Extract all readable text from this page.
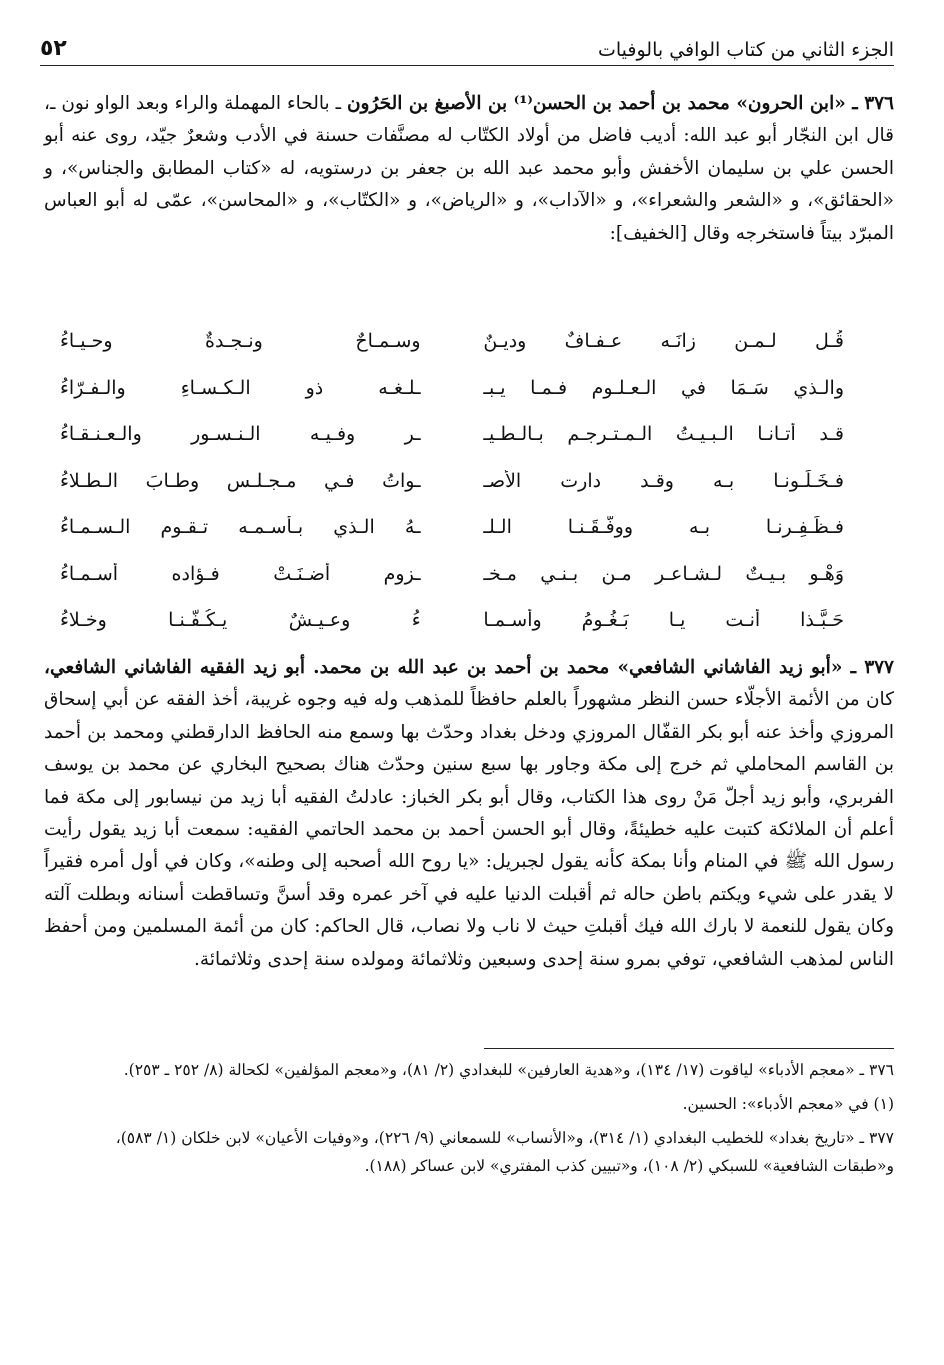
الجزء الثاني من كتاب الوافي بالوفيات
٥٢
٣٧٦ ـ «ابن الحرون» محمد بن أحمد بن الحسن⁽¹⁾ بن الأصبغ بن الحَرُون ـ بالحاء المهملة والراء وبعد الواو نون ـ، قال ابن النجّار أبو عبد الله: أديب فاضل من أولاد الكتّاب له مصنَّفات حسنة في الأدب وشعرٌ جيّد، روى عنه أبو الحسن علي بن سليمان الأخفش وأبو محمد عبد الله بن جعفر بن درستويه، له «كتاب المطابق والجناس»، و «الحقائق»، و «الشعر والشعراء»، و «الآداب»، و «الرياض»، و «الكتّاب»، و «المحاسن»، عمّى له أبو العباس المبرّد بيتاً فاستخرجه وقال [الخفيف]:
قُـل لـمـن زانَـه عـفـافٌ وديـنٌ
وسـمـاحٌ ونـجـدةٌ وحـيـاءُ
والـذي سَـمَا في الـعـلـوم فـمـا يـبـ
ـلـغـه ذو الـكـسـاءِ والـفـرّاءُ
قـد أتـانـا الـبـيـتُ الـمـتـرجـم بـالـطـيـ
ـر وفـيـه الـنـسـور والـعـنـقـاءُ
فـخَـلَـونـا بـه وقـد دارت الأصـ
ـواتُ فـي مـجـلـس وطـابَ الـطـلاءُ
فـظَـفِـرنـا بـه ووفَّـقَـنـا الـلـ
ـهُ الـذي بـأسـمـه تـقـوم الـسـمـاءُ
وَهْـو بـيـتٌ لـشـاعـرٍ مـن بـنـي مـخـ
ـزوم أضـنَـتْ فـؤاده أسـمـاءُ
حَـبَّـذا أنـت يـا بَـغُـومُ وأسـمـا
ءُ وعـيـشٌ يـكُـفّـنـا وخـلاءُ
٣٧٧ ـ «أبو زيد الفاشاني الشافعي» محمد بن أحمد بن عبد الله بن محمد. أبو زيد الفقيه الفاشاني الشافعي، كان من الأئمة الأجلّاء حسن النظر مشهوراً بالعلم حافظاً للمذهب وله فيه وجوه غريبة، أخذ الفقه عن أبي إسحاق المروزي وأخذ عنه أبو بكر القفّال المروزي ودخل بغداد وحدّث بها وسمع منه الحافظ الدارقطني ومحمد بن أحمد بن القاسم المحاملي ثم خرج إلى مكة وجاور بها سبع سنين وحدّث هناك بصحيح البخاري عن محمد بن يوسف الفربري، وأبو زيد أجلّ مَنْ روى هذا الكتاب، وقال أبو بكر الخباز: عادلتُ الفقيه أبا زيد من نيسابور إلى مكة فما أعلم أن الملائكة كتبت عليه خطيئةً، وقال أبو الحسن أحمد بن محمد الحاتمي الفقيه: سمعت أبا زيد يقول رأيت رسول الله ﷺ في المنام وأنا بمكة كأنه يقول لجبريل: «يا روح الله أصحبه إلى وطنه»، وكان في أول أمره فقيراً لا يقدر على شيء ويكتم باطن حاله ثم أقبلت الدنيا عليه في آخر عمره وقد أسنَّ وتساقطت أسنانه وبطلت آلته وكان يقول للنعمة لا بارك الله فيك أقبلتِ حيث لا ناب ولا نصاب، قال الحاكم: كان من أئمة المسلمين ومن أحفظ الناس لمذهب الشافعي، توفي بمرو سنة إحدى وسبعين وثلاثمائة ومولده سنة إحدى وثلاثمائة.
٣٧٦ ـ «معجم الأدباء» لياقوت (١٧/ ١٣٤)، و«هدية العارفين» للبغدادي (٢/ ٨١)، و«معجم المؤلفين» لكحالة (٨/ ٢٥٢ ـ ٢٥٣).
(١) في «معجم الأدباء»: الحسين.
٣٧٧ ـ «تاريخ بغداد» للخطيب البغدادي (١/ ٣١٤)، و«الأنساب» للسمعاني (٩/ ٢٢٦)، و«وفيات الأعيان» لابن خلكان (١/ ٥٨٣)، و«طبقات الشافعية» للسبكي (٢/ ١٠٨)، و«تبيين كذب المفتري» لابن عساكر (١٨٨).
